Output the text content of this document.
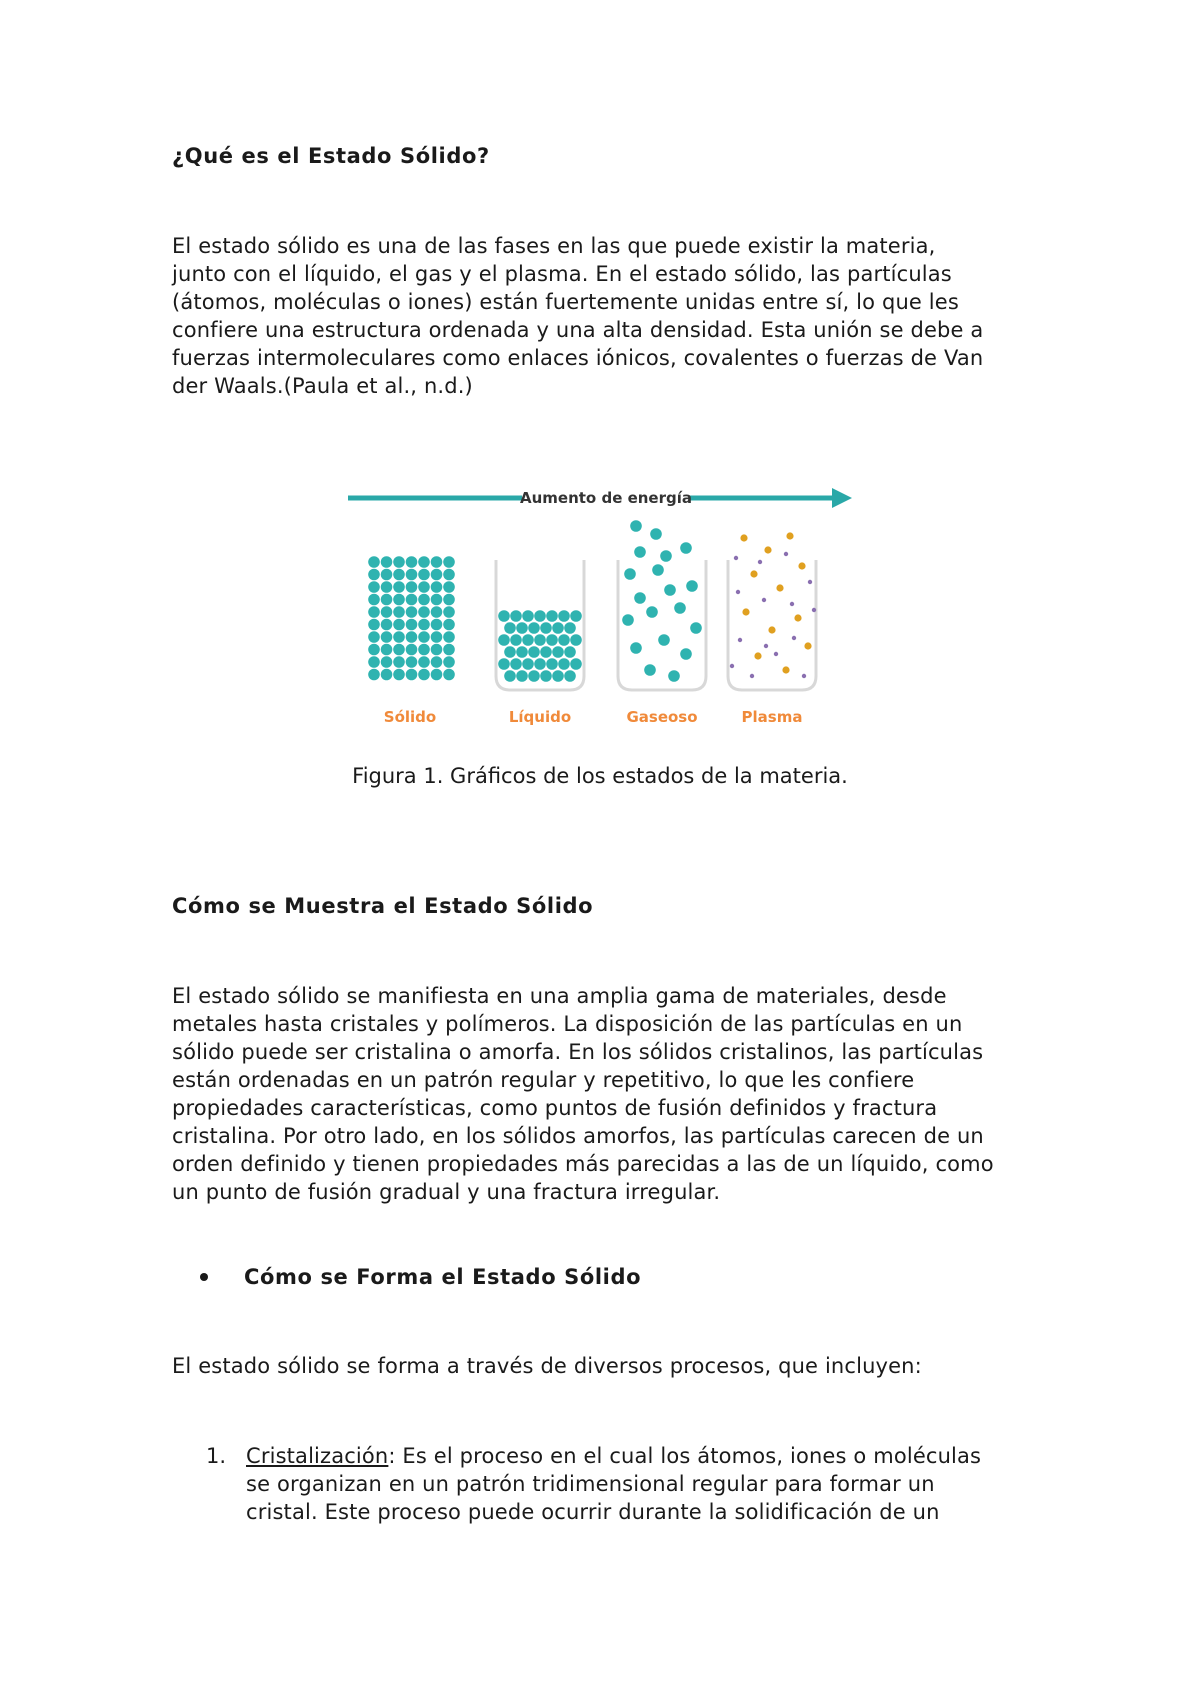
¿Qué es el Estado Sólido?

El estado sólido es una de las fases en las que puede existir la materia,
junto con el líquido, el gas y el plasma. En el estado sólido, las partículas
(átomos, moléculas o iones) están fuertemente unidas entre sí, lo que les
confiere una estructura ordenada y una alta densidad. Esta unión se debe a
fuerzas intermoleculares como enlaces iónicos, covalentes o fuerzas de Van
der Waals.(Paula et al., n.d.)
Aumento de energía
Sólido	Líquido	Gaseoso	Plasma

Figura 1. Gráficos de los estados de la materia.

Cómo se Muestra el Estado Sólido

El estado sólido se manifiesta en una amplia gama de materiales, desde
metales hasta cristales y polímeros. La disposición de las partículas en un
sólido puede ser cristalina o amorfa. En los sólidos cristalinos, las partículas
están ordenadas en un patrón regular y repetitivo, lo que les confiere
propiedades características, como puntos de fusión definidos y fractura
cristalina. Por otro lado, en los sólidos amorfos, las partículas carecen de un
orden definido y tienen propiedades más parecidas a las de un líquido, como
un punto de fusión gradual y una fractura irregular.
Cómo se Forma el Estado Sólido

El estado sólido se forma a través de diversos procesos, que incluyen:

1. Cristalización: Es el proceso en el cual los átomos, iones o moléculas
se organizan en un patrón tridimensional regular para formar un
cristal. Este proceso puede ocurrir durante la solidificación de un
